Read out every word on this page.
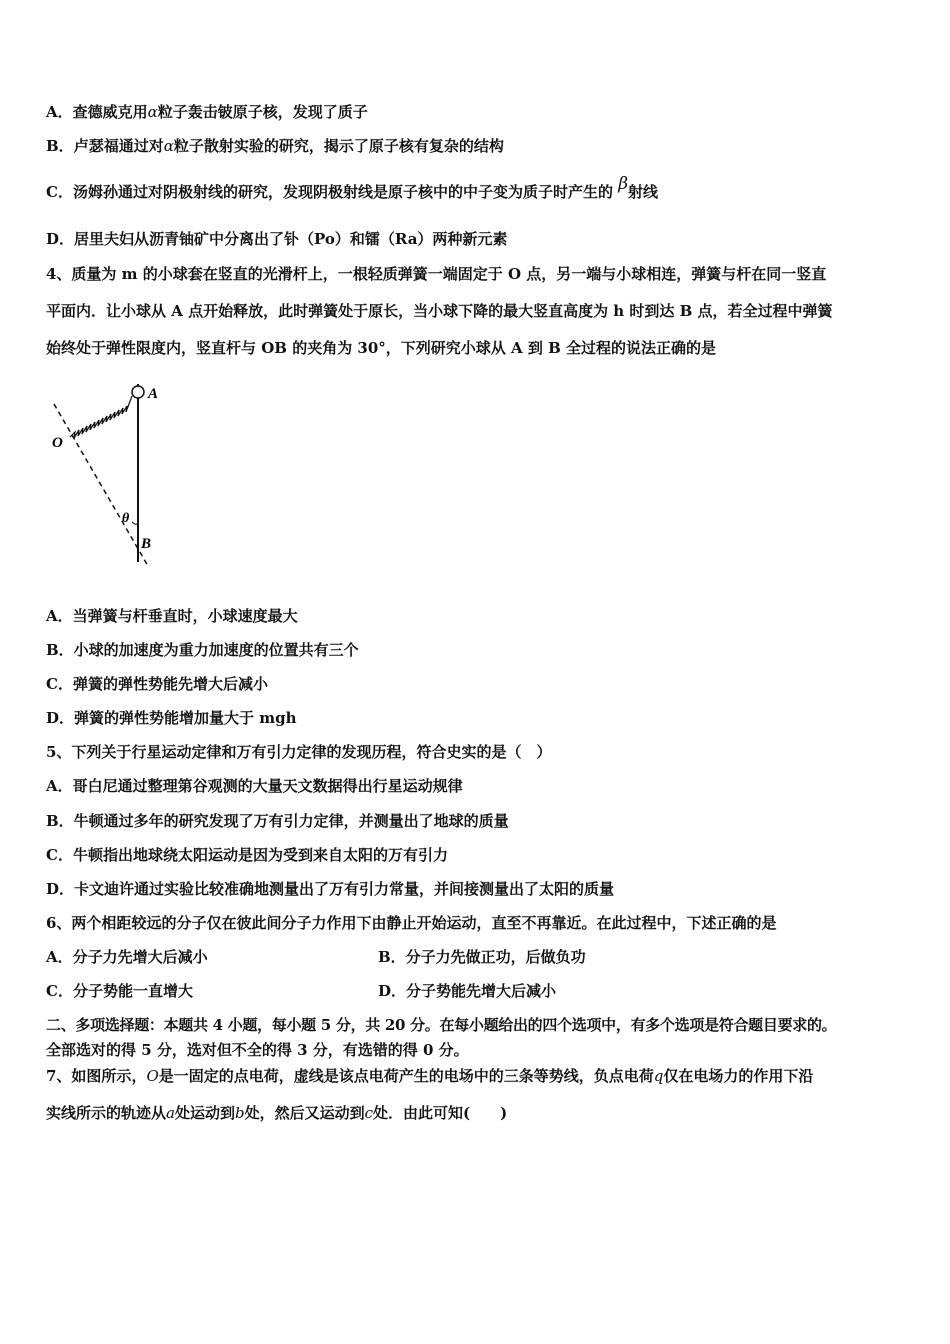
A．查德威克用α粒子轰击铍原子核，发现了质子
B．卢瑟福通过对α粒子散射实验的研究，揭示了原子核有复杂的结构
C．汤姆孙通过对阴极射线的研究，发现阴极射线是原子核中的中子变为质子时产生的 β射线
D．居里夫妇从沥青铀矿中分离出了钋（Po）和镭（Ra）两种新元素
4、质量为 m 的小球套在竖直的光滑杆上，一根轻质弹簧一端固定于 O 点，另一端与小球相连，弹簧与杆在同一竖直
平面内．让小球从 A 点开始释放，此时弹簧处于原长，当小球下降的最大竖直高度为 h 时到达 B 点，若全过程中弹簧
始终处于弹性限度内，竖直杆与 OB 的夹角为 30°，下列研究小球从 A 到 B 全过程的说法正确的是
A
O
θ
B
A．当弹簧与杆垂直时，小球速度最大
B．小球的加速度为重力加速度的位置共有三个
C．弹簧的弹性势能先增大后减小
D．弹簧的弹性势能增加量大于 mgh
5、下列关于行星运动定律和万有引力定律的发现历程，符合史实的是（　）
A．哥白尼通过整理第谷观测的大量天文数据得出行星运动规律
B．牛顿通过多年的研究发现了万有引力定律，并测量出了地球的质量
C．牛顿指出地球绕太阳运动是因为受到来自太阳的万有引力
D．卡文迪许通过实验比较准确地测量出了万有引力常量，并间接测量出了太阳的质量
6、两个相距较远的分子仅在彼此间分子力作用下由静止开始运动，直至不再靠近。在此过程中，下述正确的是
A．分子力先增大后减小	B．分子力先做正功，后做负功
C．分子势能一直增大	D．分子势能先增大后减小
二、多项选择题：本题共 4 小题，每小题 5 分，共 20 分。在每小题给出的四个选项中，有多个选项是符合题目要求的。
全部选对的得 5 分，选对但不全的得 3 分，有选错的得 0 分。
7、如图所示，O是一固定的点电荷，虚线是该点电荷产生的电场中的三条等势线，负点电荷q仅在电场力的作用下沿
实线所示的轨迹从a处运动到b处，然后又运动到c处．由此可知(　　)
